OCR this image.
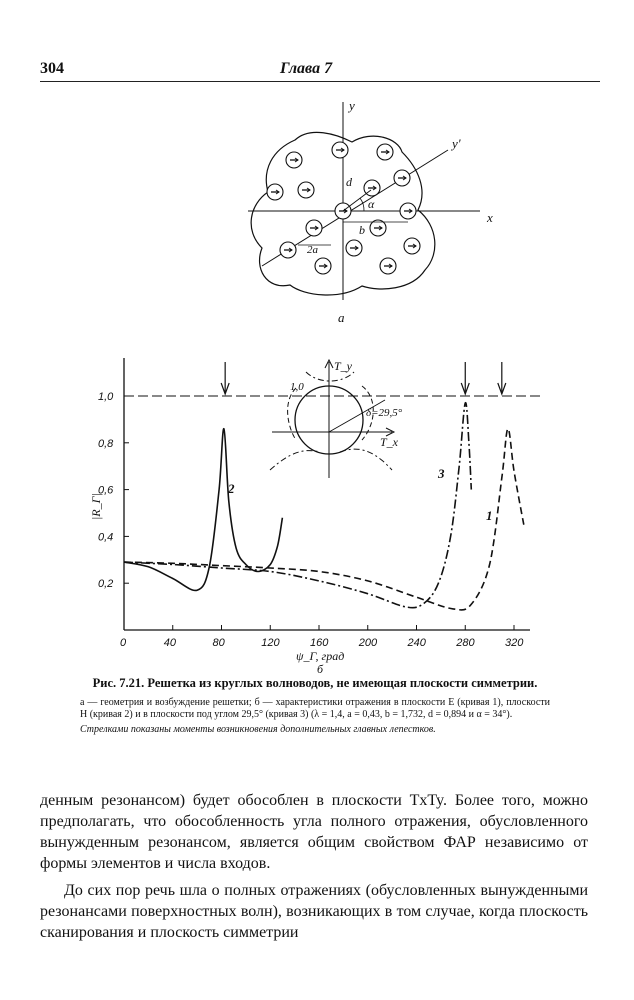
304	Глава 7
y
y'
x
d
α
b
2a
а
0	40	80	120	160	200	240	280	320
0,2
0,4
0,6
0,8
1,0
|R_Г|
ψ_Г, град
б
2
3
1
1,0
T_y
T_x
δ=29,5°

Рис. 7.21. Решетка из круглых волноводов, не имеющая плоскости симметрии.

а — геометрия и возбуждение решетки; б — характеристики отражения в плоскости E (кривая 1), плоскости H (кривая 2) и в плоскости под углом 29,5° (кривая 3) (λ = 1,4, a = 0,43, b = 1,732, d = 0,894 и α = 34°).

Стрелками показаны моменты возникновения дополнительных главных лепестков.

денным резонансом) будет обособлен в плоскости TxTy. Более того, можно предполагать, что обособленность угла полного отражения, обусловленного вынужденным резонансом, является общим свойством ФАР независимо от формы элементов и числа входов.

До сих пор речь шла о полных отражениях (обусловленных вынужденными резонансами поверхностных волн), возникающих в том случае, когда плоскость сканирования и плоскость симметрии
